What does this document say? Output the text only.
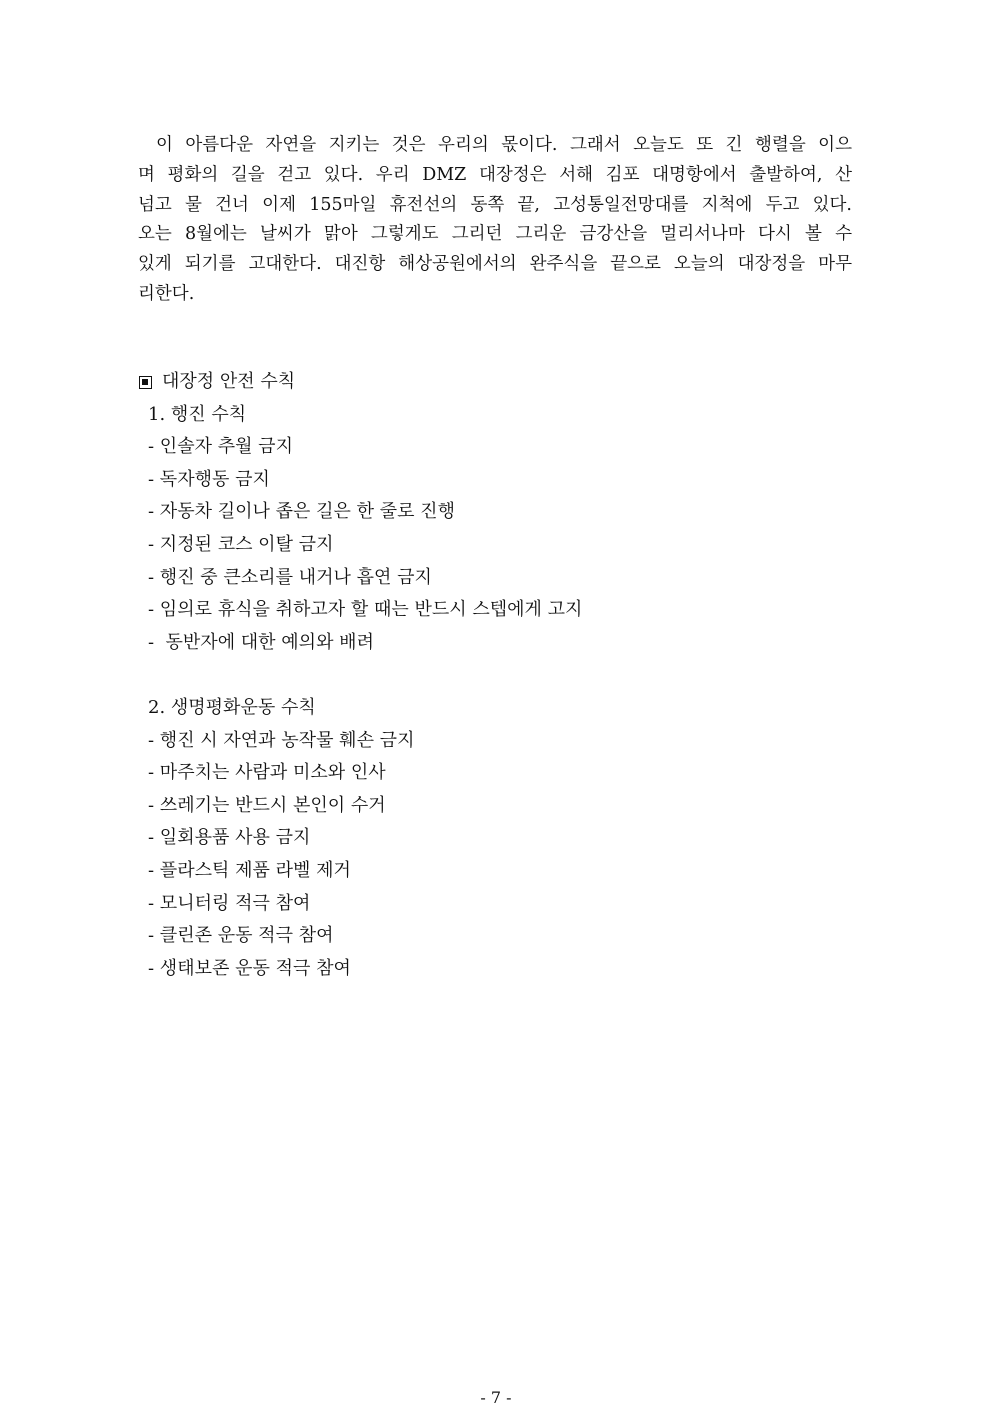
이 아름다운 자연을 지키는 것은 우리의 몫이다. 그래서 오늘도 또 긴 행렬을 이으
며 평화의 길을 걷고 있다. 우리 DMZ 대장정은 서해 김포 대명항에서 출발하여, 산
넘고 물 건너 이제 155마일 휴전선의 동쪽 끝, 고성통일전망대를 지척에 두고 있다.
오는 8월에는 날씨가 맑아 그렇게도 그리던 그리운 금강산을 멀리서나마 다시 볼 수
있게 되기를 고대한다. 대진항 해상공원에서의 완주식을 끝으로 오늘의 대장정을 마무
리한다.
대장정 안전 수칙
1. 행진 수칙
- 인솔자 추월 금지
- 독자행동 금지
- 자동차 길이나 좁은 길은 한 줄로 진행
- 지정된 코스 이탈 금지
- 행진 중 큰소리를 내거나 흡연 금지
- 임의로 휴식을 취하고자 할 때는 반드시 스텝에게 고지
-  동반자에 대한 예의와 배려
2. 생명평화운동 수칙
- 행진 시 자연과 농작물 훼손 금지
- 마주치는 사람과 미소와 인사
- 쓰레기는 반드시 본인이 수거
- 일회용품 사용 금지
- 플라스틱 제품 라벨 제거
- 모니터링 적극 참여
- 클린존 운동 적극 참여
- 생태보존 운동 적극 참여
- 7 -
